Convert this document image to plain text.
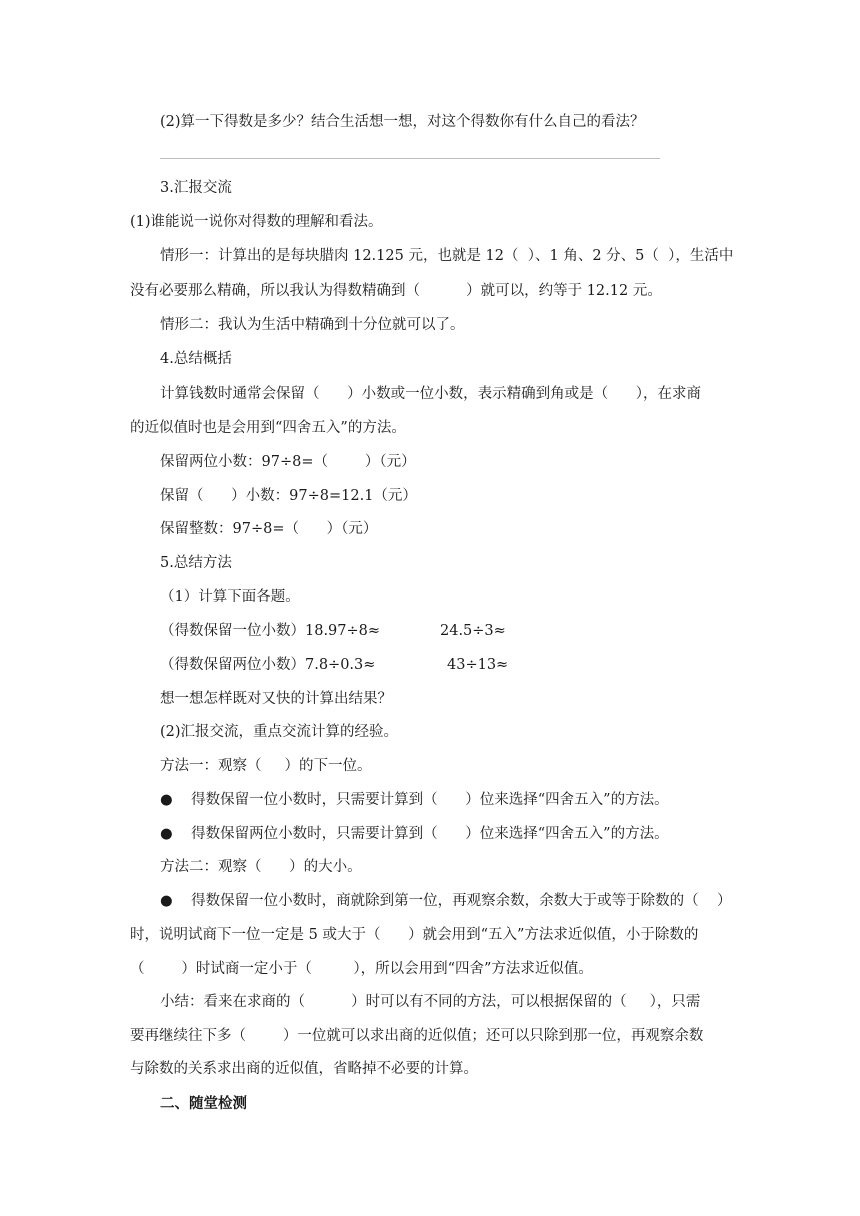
(2)算一下得数是多少？结合生活想一想，对这个得数你有什么自己的看法？
3.汇报交流
(1)谁能说一说你对得数的理解和看法。
情形一：计算出的是每块腊肉 12.125 元，也就是 12（  ）、1 角、2 分、5（  ），生活中
没有必要那么精确，所以我认为得数精确到（          ）就可以，约等于 12.12 元。
情形二：我认为生活中精确到十分位就可以了。
4.总结概括
计算钱数时通常会保留（      ）小数或一位小数，表示精确到角或是（      ），在求商
的近似值时也是会用到“四舍五入”的方法。
保留两位小数：97÷8=（        ）（元）
保留（      ）小数：97÷8=12.1（元）
保留整数：97÷8=（      ）（元）
5.总结方法
（1）计算下面各题。
（得数保留一位小数）18.97÷8≈	24.5÷3≈
（得数保留两位小数）7.8÷0.3≈	43÷13≈
想一想怎样既对又快的计算出结果？
(2)汇报交流，重点交流计算的经验。
方法一：观察（     ）的下一位。
●    得数保留一位小数时，只需要计算到（      ）位来选择“四舍五入”的方法。
●    得数保留两位小数时，只需要计算到（      ）位来选择“四舍五入”的方法。
方法二：观察（      ）的大小。
●    得数保留一位小数时，商就除到第一位，再观察余数，余数大于或等于除数的（    ）
时，说明试商下一位一定是 5 或大于（      ）就会用到“五入”方法求近似值，小于除数的
（        ）时试商一定小于（         ），所以会用到“四舍”方法求近似值。
小结：看来在求商的（          ）时可以有不同的方法，可以根据保留的（     ），只需
要再继续往下多（        ）一位就可以求出商的近似值；还可以只除到那一位，再观察余数
与除数的关系求出商的近似值，省略掉不必要的计算。
二、随堂检测
